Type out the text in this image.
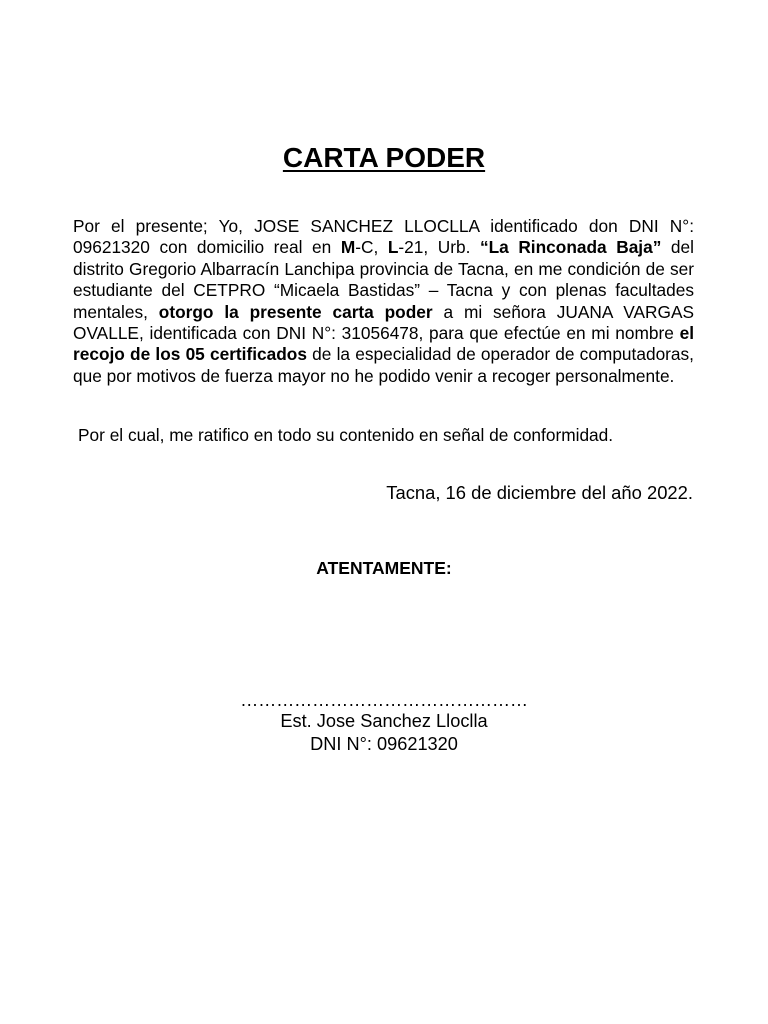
CARTA PODER
Por el presente; Yo, JOSE SANCHEZ LLOCLLA identificado don DNI N°: 09621320 con domicilio real en M-C, L-21, Urb. “La Rinconada Baja” del distrito Gregorio Albarracín Lanchipa provincia de Tacna, en me condición de ser estudiante del CETPRO “Micaela Bastidas” – Tacna y con plenas facultades mentales, otorgo la presente carta poder a mi señora JUANA VARGAS OVALLE, identificada con DNI N°: 31056478, para que efectúe en mi nombre el recojo de los 05 certificados de la especialidad de operador de computadoras, que por motivos de fuerza mayor no he podido venir a recoger personalmente.
Por el cual, me ratifico en todo su contenido en señal de conformidad.
Tacna, 16 de diciembre del año 2022.
ATENTAMENTE:
…………………………………………
Est. Jose Sanchez Llocllа
DNI N°: 09621320
